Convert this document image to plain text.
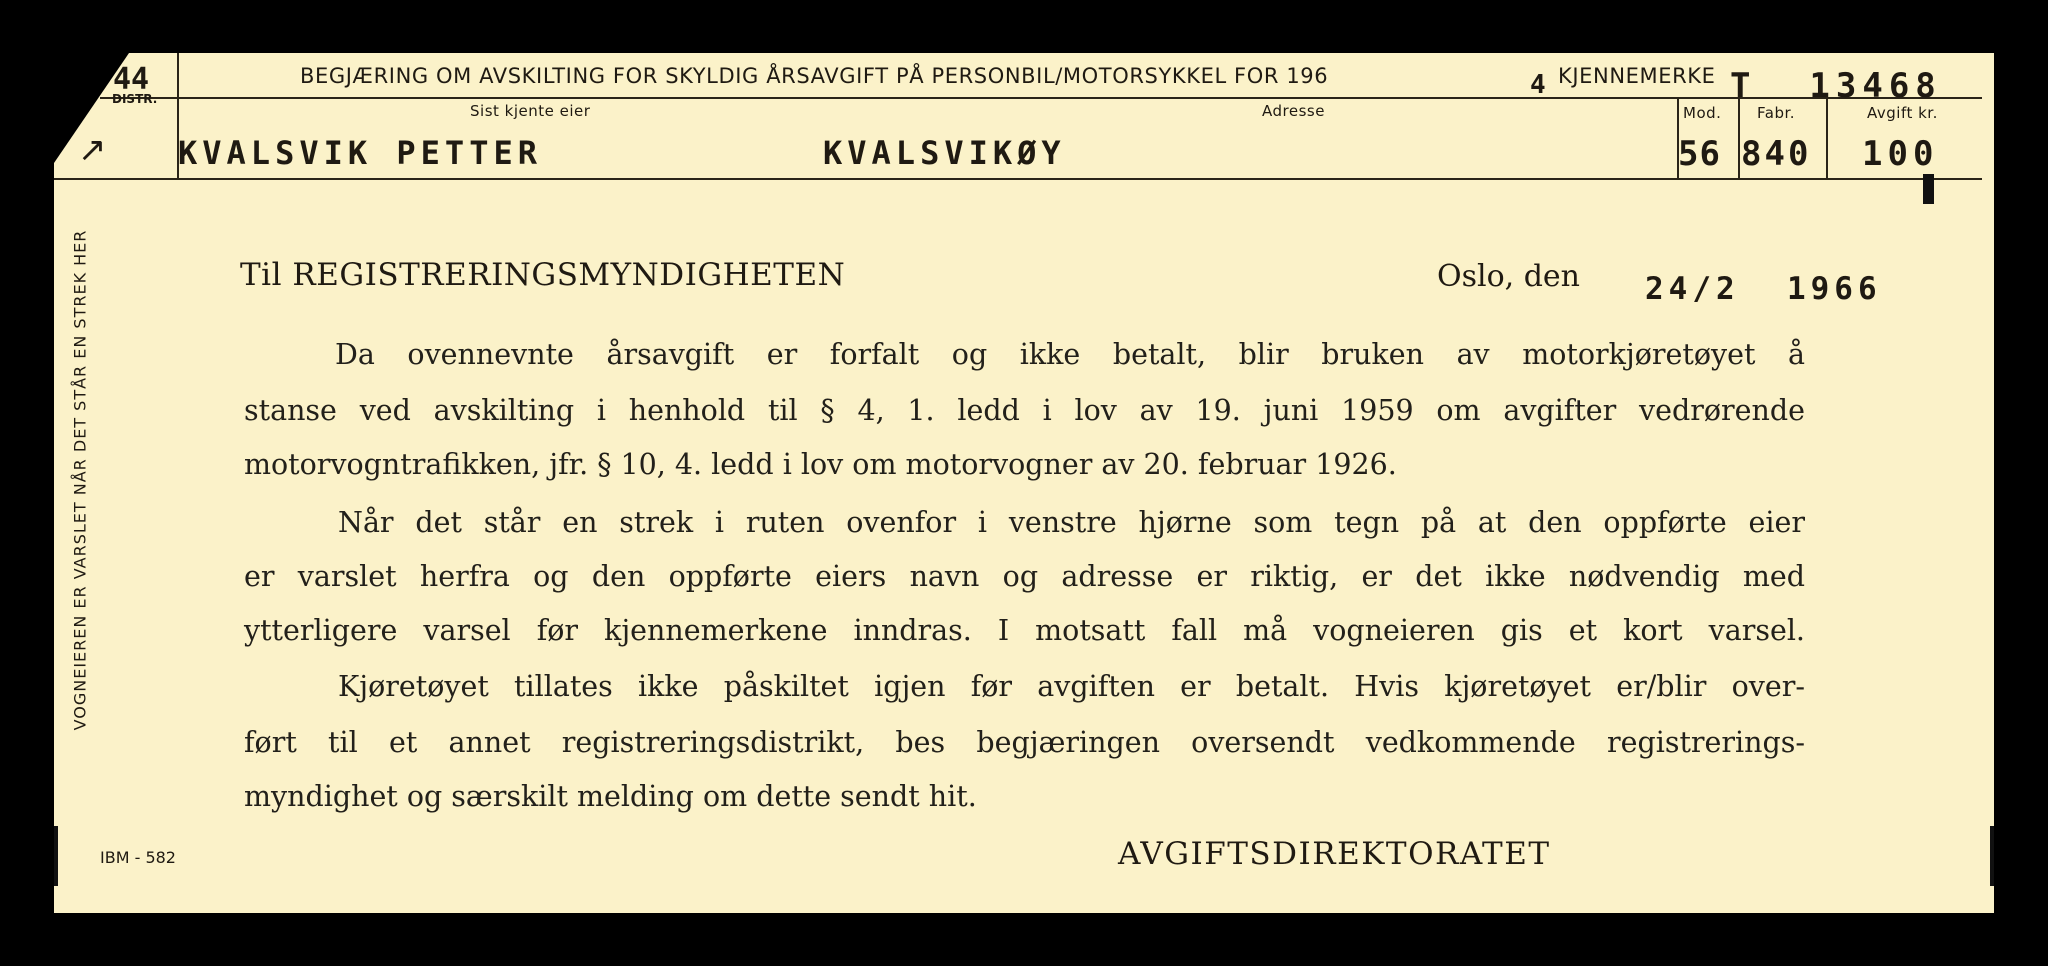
44
DISTR.
BEGJÆRING OM AVSKILTING FOR SKYLDIG ÅRSAVGIFT PÅ PERSONBIL/MOTORSYKKEL FOR 196	4 KJENNEMERKE T  13468
Sist kjente eier	Adresse	Mod. Fabr.	Avgift kr.
↗ KVALSVIK PETTER	KVALSVIKØY	56 840 100
VOGNEIEREN ER VARSLET NÅR DET STÅR EN STREK HER	Til REGISTRERINGSMYNDIGHETEN	Oslo, den 24/2  1966
Da ovennevnte årsavgift er forfalt og ikke betalt, blir bruken av motorkjøretøyet å
stanse ved avskilting i henhold til § 4, 1. ledd i lov av 19. juni 1959 om avgifter vedrørende
motorvogntrafikken, jfr. § 10, 4. ledd i lov om motorvogner av 20. februar 1926.
Når det står en strek i ruten ovenfor i venstre hjørne som tegn på at den oppførte eier
er varslet herfra og den oppførte eiers navn og adresse er riktig, er det ikke nødvendig med
ytterligere varsel før kjennemerkene inndras. I motsatt fall må vogneieren gis et kort varsel.
Kjøretøyet tillates ikke påskiltet igjen før avgiften er betalt. Hvis kjøretøyet er/blir over-
ført til et annet registreringsdistrikt, bes begjæringen oversendt vedkommende registrerings-
myndighet og særskilt melding om dette sendt hit.
AVGIFTSDIREKTORATET
IBM - 582
